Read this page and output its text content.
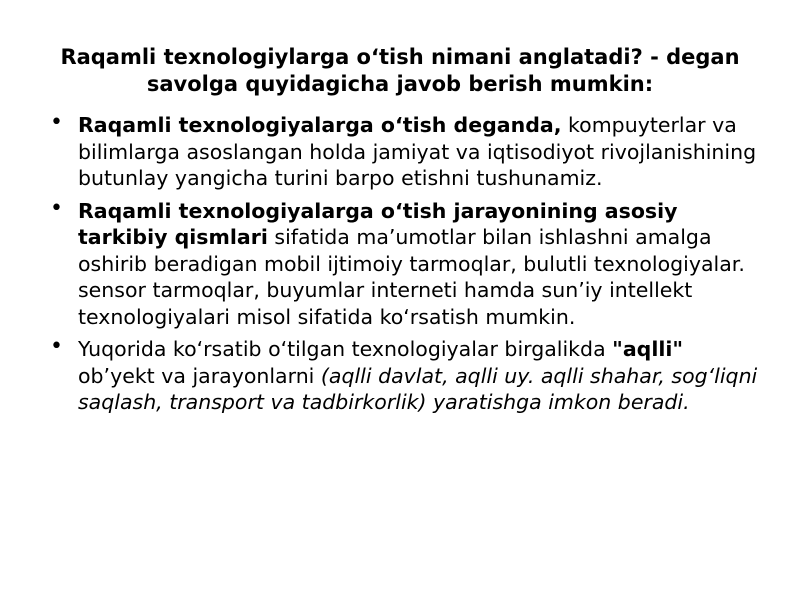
Raqamli texnologiylarga o‘tish nimani anglatadi? - degan savolga quyidagicha javob berish mumkin:
• Raqamli texnologiyalarga o‘tish deganda, kompuyterlar va bilimlarga asoslangan holda jamiyat va iqtisodiyot rivojlanishining butunlay yangicha turini barpo etishni tushunamiz.
• Raqamli texnologiyalarga o‘tish jarayonining asosiy tarkibiy qismlari sifatida ma’umotlar bilan ishlashni amalga oshirib beradigan mobil ijtimoiy tarmoqlar, bulutli texnologiyalar. sensor tarmoqlar, buyumlar interneti hamda sun’iy intellekt texnologiyalari misol sifatida ko‘rsatish mumkin.
• Yuqorida ko‘rsatib o‘tilgan texnologiyalar birgalikda "aqlli" ob’yekt va jarayonlarni (aqlli davlat, aqlli uy. aqlli shahar, sog‘liqni saqlash, transport va tadbirkorlik) yaratishga imkon beradi.
